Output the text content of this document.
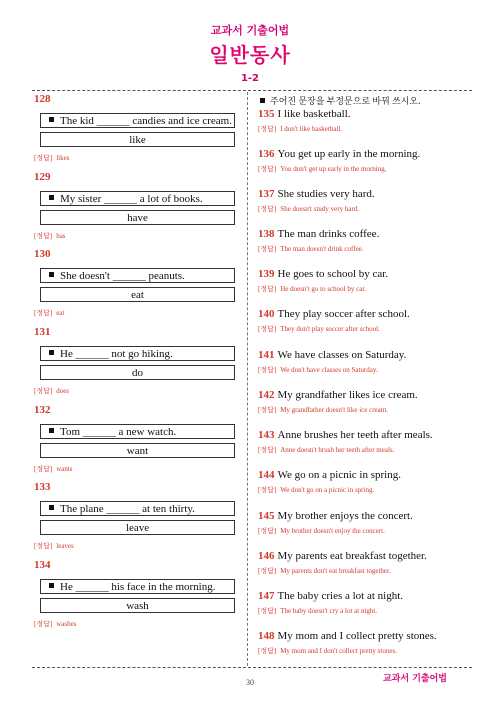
교과서 기출어법
일반동사
1-2
128
The kid ______ candies and ice cream.
like
[정답] likes
129
My sister ______ a lot of books.
have
[정답] has
130
She doesn't ______ peanuts.
eat
[정답] eat
131
He ______ not go hiking.
do
[정답] does
132
Tom ______ a new watch.
want
[정답] wants
133
The plane ______ at ten thirty.
leave
[정답] leaves
134
He ______ his face in the morning.
wash
[정답] washes
주어진 문장을 부정문으로 바꿔 쓰시오.
135 I like basketball.
[정답] I don't like basketball.
136 You get up early in the morning.
[정답] You don't get up early in the morning.
137 She studies very hard.
[정답] She doesn't study very hard.
138 The man drinks coffee.
[정답] The man doesn't drink coffee.
139 He goes to school by car.
[정답] He doesn't go to school by car.
140 They play soccer after school.
[정답] They don't play soccer after school.
141 We have classes on Saturday.
[정답] We don't have classes on Saturday.
142 My grandfather likes ice cream.
[정답] My grandfather doesn't like ice cream.
143 Anne brushes her teeth after meals.
[정답] Anne doesn't brush her teeth after meals.
144 We go on a picnic in spring.
[정답] We don't go on a picnic in spring.
145 My brother enjoys the concert.
[정답] My brother doesn't enjoy the concert.
146 My parents eat breakfast together.
[정답] My parents don't eat breakfast together.
147 The baby cries a lot at night.
[정답] The baby doesn't cry a lot at night.
148 My mom and I collect pretty stones.
[정답] My mom and I don't collect pretty stones.
30	교과서 기출어법
